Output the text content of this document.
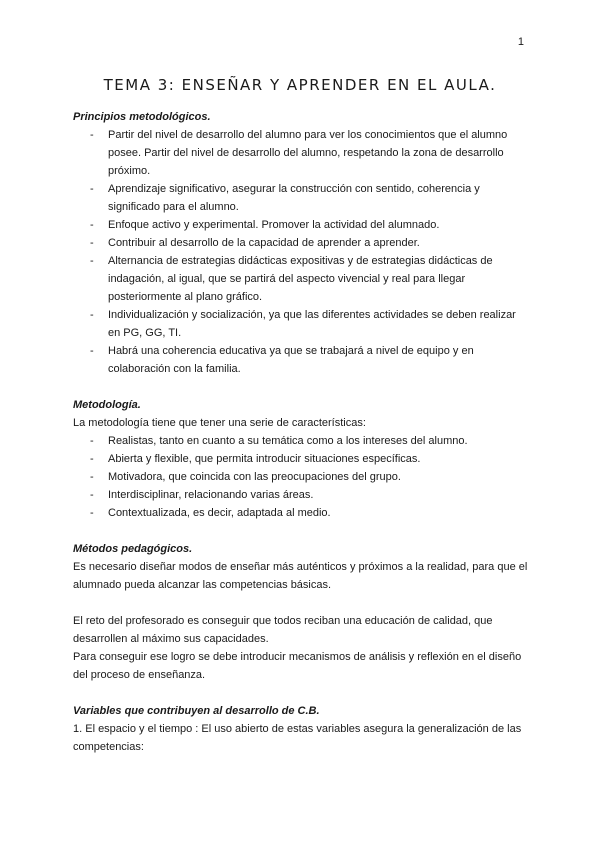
1
TEMA 3: ENSEÑAR Y APRENDER EN EL AULA.

Principios metodológicos.

- Partir del nivel de desarrollo del alumno para ver los conocimientos que el alumno posee. Partir del nivel de desarrollo del alumno, respetando la zona de desarrollo próximo.
- Aprendizaje significativo, asegurar la construcción con sentido, coherencia y significado para el alumno.
- Enfoque activo y experimental. Promover la actividad del alumnado.
- Contribuir al desarrollo de la capacidad de aprender a aprender.
- Alternancia de estrategias didácticas expositivas y de estrategias didácticas de indagación, al igual, que se partirá del aspecto vivencial y real para llegar posteriormente al plano gráfico.
- Individualización y socialización, ya que las diferentes actividades se deben realizar en PG, GG, TI.
- Habrá una coherencia educativa ya que se trabajará a nivel de equipo y en colaboración con la familia.

Metodología.

La metodología tiene que tener una serie de características:

- Realistas, tanto en cuanto a su temática como a los intereses del alumno.
- Abierta y flexible, que permita introducir situaciones específicas.
- Motivadora, que coincida con las preocupaciones del grupo.
- Interdisciplinar, relacionando varias áreas.
- Contextualizada, es decir, adaptada al medio.

Métodos pedagógicos.

Es necesario diseñar modos de enseñar más auténticos y próximos a la realidad, para que el alumnado pueda alcanzar las competencias básicas.

El reto del profesorado es conseguir que todos reciban una educación de calidad, que desarrollen al máximo sus capacidades.

Para conseguir ese logro se debe introducir mecanismos de análisis y reflexión en el diseño del proceso de enseñanza.

Variables que contribuyen al desarrollo de C.B.

1. El espacio y el tiempo : El uso abierto de estas variables asegura la generalización de las competencias:
